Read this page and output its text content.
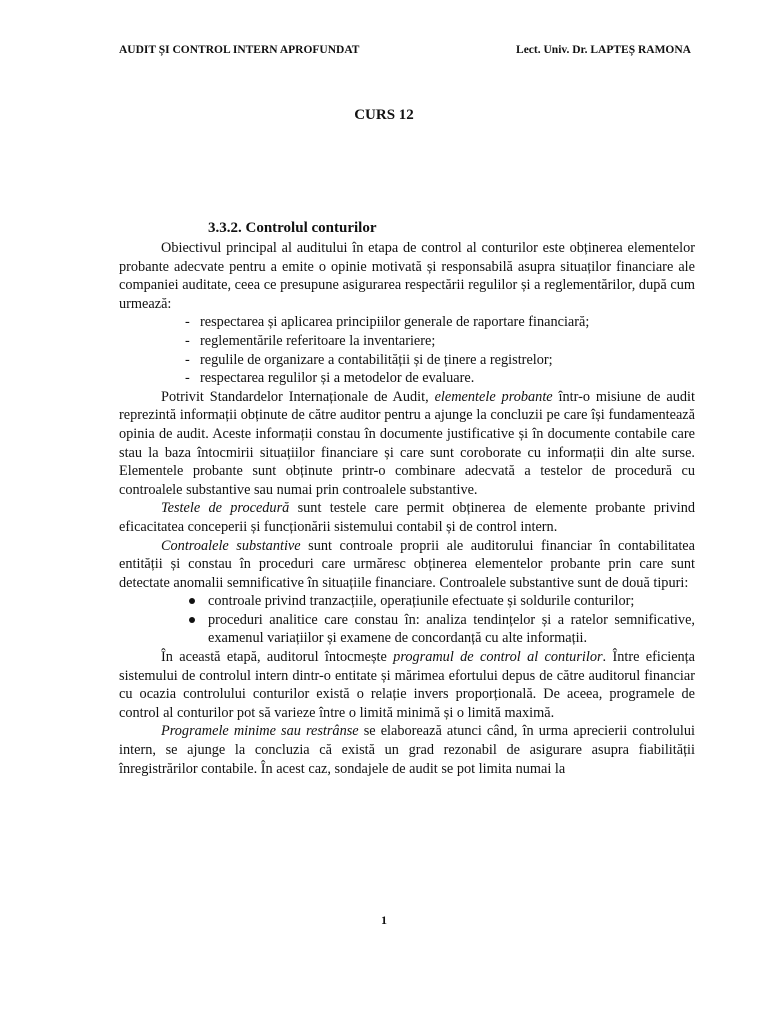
AUDIT ȘI CONTROL INTERN APROFUNDAT	Lect. Univ. Dr. LAPTEȘ RAMONA
CURS 12
3.3.2. Controlul conturilor

Obiectivul principal al auditului în etapa de control al conturilor este obținerea elementelor probante adecvate pentru a emite o opinie motivată și responsabilă asupra situaților financiare ale companiei auditate, ceea ce presupune asigurarea respectării regulilor și a reglementărilor, după cum urmează:

- respectarea și aplicarea principiilor generale de raportare financiară;
- reglementările referitoare la inventariere;
- regulile de organizare a contabilității și de ținere a registrelor;
- respectarea regulilor și a metodelor de evaluare.

Potrivit Standardelor Internaționale de Audit, elementele probante într-o misiune de audit reprezintă informații obținute de către auditor pentru a ajunge la concluzii pe care își fundamentează opinia de audit. Aceste informații constau în documente justificative și în documente contabile care stau la baza întocmirii situațiilor financiare și care sunt coroborate cu informații din alte surse. Elementele probante sunt obținute printr-o combinare adecvată a testelor de procedură cu controalele substantive sau numai prin controalele substantive.

Testele de procedură sunt testele care permit obținerea de elemente probante privind eficacitatea conceperii și funcționării sistemului contabil și de control intern.

Controalele substantive sunt controale proprii ale auditorului financiar în contabilitatea entității și constau în proceduri care urmăresc obținerea elementelor probante prin care sunt detectate anomalii semnificative în situațiile financiare. Controalele substantive sunt de două tipuri:

controale privind tranzacțiile, operațiunile efectuate și soldurile conturilor;
proceduri analitice care constau în: analiza tendințelor și a ratelor semnificative, examenul variațiilor și examene de concordanță cu alte informații.

În această etapă, auditorul întocmește programul de control al conturilor. Între eficiența sistemului de controlul intern dintr-o entitate și mărimea efortului depus de către auditorul financiar cu ocazia controlului conturilor există o relație invers proporțională. De aceea, programele de control al conturilor pot să varieze între o limită minimă și o limită maximă.

Programele minime sau restrânse se elaborează atunci când, în urma aprecierii controlului intern, se ajunge la concluzia că există un grad rezonabil de asigurare asupra fiabilității înregistrărilor contabile. În acest caz, sondajele de audit se pot limita numai la

1
